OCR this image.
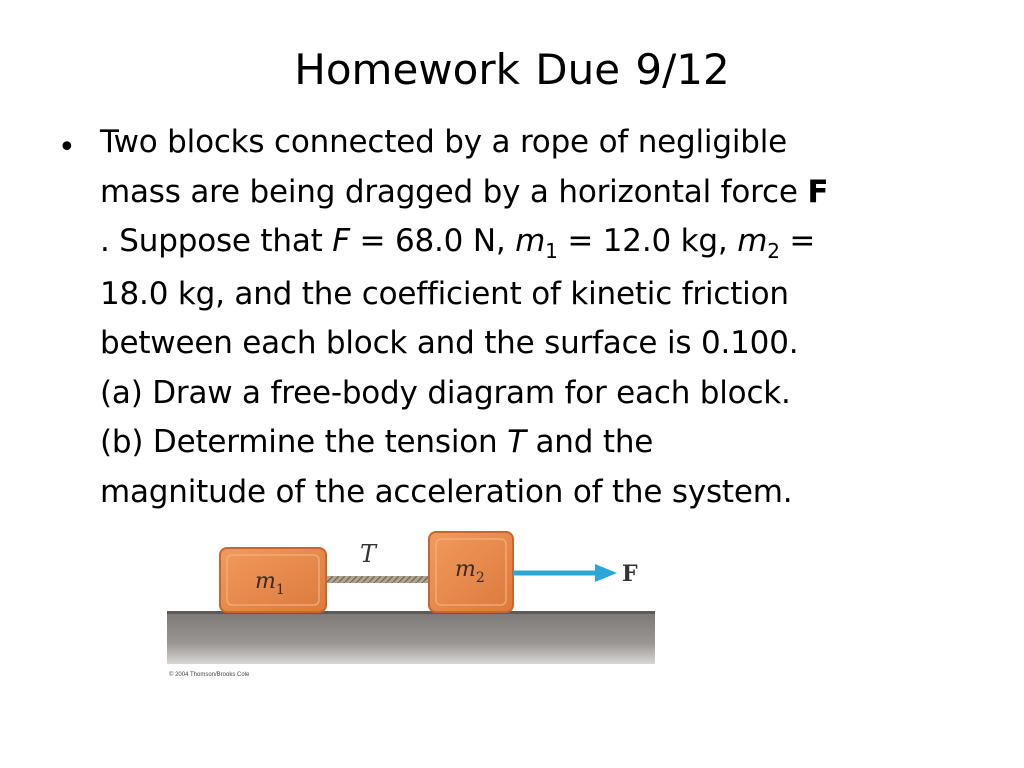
Homework Due 9/12
• Two blocks connected by a rope of negligible
mass are being dragged by a horizontal force F
. Suppose that F = 68.0 N, $m_1 = 12.0$ kg, $m_2$ =
18.0 kg, and the coefficient of kinetic friction
between each block and the surface is 0.100.
(a) Draw a free-body diagram for each block.
(b) Determine the tension T and the
magnitude of the acceleration of the system.
$m_1$
$m_2$
T
F
© 2004 Thomson/Brooks Cole
